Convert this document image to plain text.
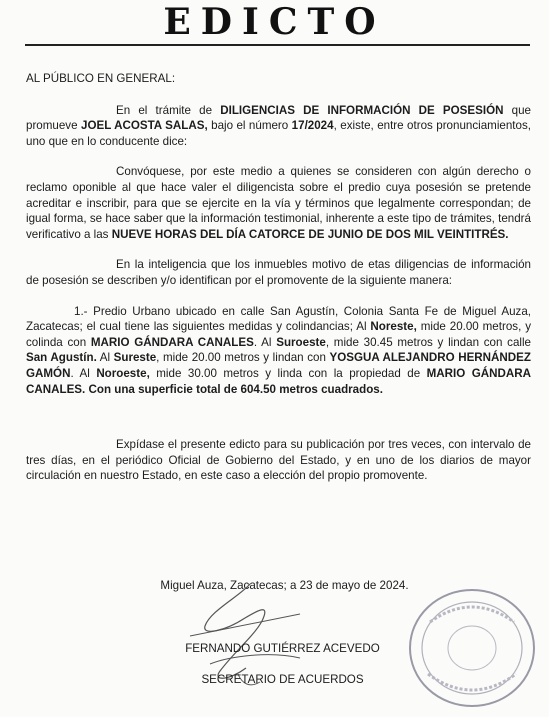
EDICTO
AL PÚBLICO EN GENERAL:

En el trámite de DILIGENCIAS DE INFORMACIÓN DE POSESIÓN que promueve JOEL ACOSTA SALAS, bajo el número 17/2024, existe, entre otros pronunciamientos, uno que en lo conducente dice:

Convóquese, por este medio a quienes se consideren con algún derecho o reclamo oponible al que hace valer el diligencista sobre el predio cuya posesión se pretende acreditar e inscribir, para que se ejercite en la vía y términos que legalmente correspondan; de igual forma, se hace saber que la información testimonial, inherente a este tipo de trámites, tendrá verificativo a las NUEVE HORAS DEL DÍA CATORCE DE JUNIO DE DOS MIL VEINTITRÉS.

En la inteligencia que los inmuebles motivo de etas diligencias de información de posesión se describen y/o identifican por el promovente de la siguiente manera:

1.- Predio Urbano ubicado en calle San Agustín, Colonia Santa Fe de Miguel Auza, Zacatecas; el cual tiene las siguientes medidas y colindancias; Al Noreste, mide 20.00 metros, y colinda con MARIO GÁNDARA CANALES. Al Suroeste, mide 30.45 metros y lindan con calle San Agustín. Al Sureste, mide 20.00 metros y lindan con YOSGUA ALEJANDRO HERNÁNDEZ GAMÓN. Al Noroeste, mide 30.00 metros y linda con la propiedad de MARIO GÁNDARA CANALES. Con una superficie total de 604.50 metros cuadrados.

Expídase el presente edicto para su publicación por tres veces, con intervalo de tres días, en el periódico Oficial de Gobierno del Estado, y en uno de los diarios de mayor circulación en nuestro Estado, en este caso a elección del propio promovente.

Miguel Auza, Zacatecas; a 23 de mayo de 2024.
FERNANDO GUTIÉRREZ ACEVEDO
SECRETARIO DE ACUERDOS
